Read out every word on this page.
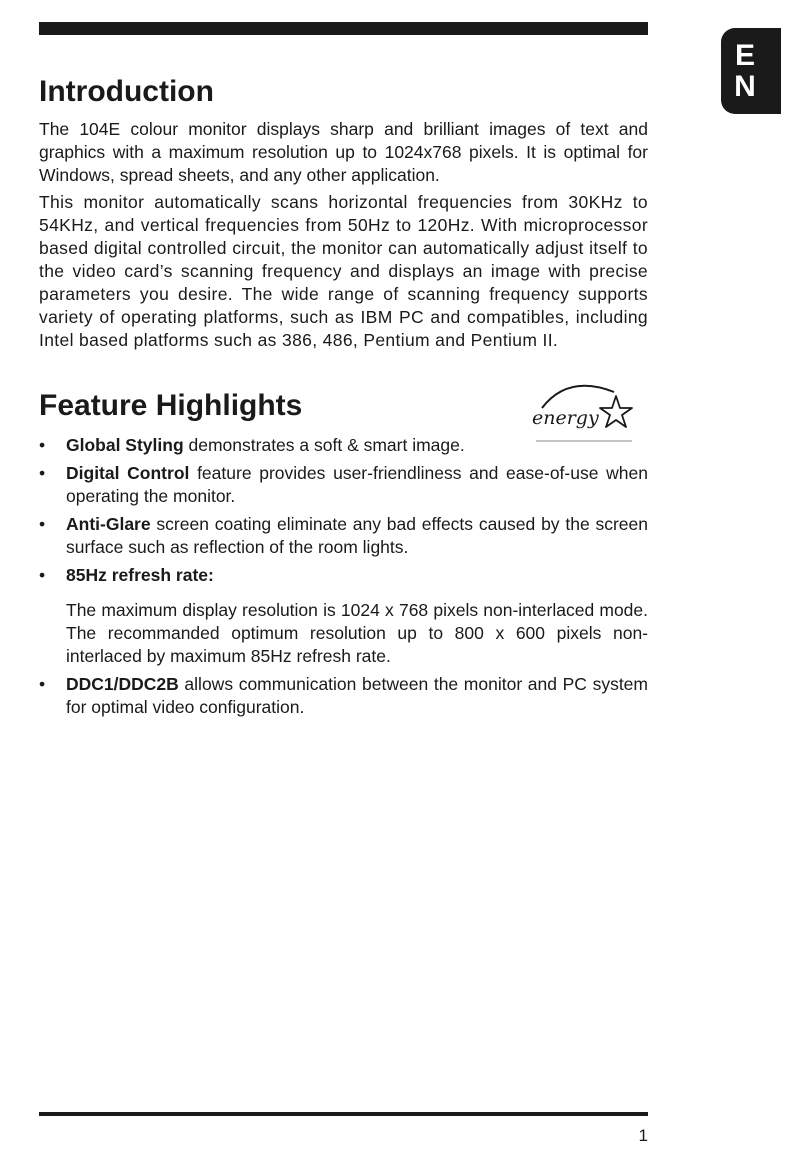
E
N
Introduction

The 104E colour monitor displays sharp and brilliant images of text and graphics with a maximum resolution up to 1024x768 pixels. It is optimal for Windows, spread sheets, and any other application.

This monitor automatically scans horizontal frequencies from 30KHz to 54KHz, and vertical frequencies from 50Hz to 120Hz. With microprocessor based digital controlled circuit, the monitor can automatically adjust itself to the video card’s scanning frequency and displays an image with precise parameters you desire. The wide range of scanning frequency supports variety of operating platforms, such as IBM PC and compatibles, including Intel based platforms such as 386, 486, Pentium and Pentium II.

Feature Highlights
• Global Styling demonstrates a soft & smart image.
• Digital Control feature provides user-friendliness and ease-of-use when operating the monitor.
• Anti-Glare screen coating eliminate any bad effects caused by the screen surface such as reflection of the room lights.
• 85Hz refresh rate:
The maximum display resolution is 1024 x 768 pixels non-interlaced mode. The recommanded optimum resolution up to 800 x 600 pixels non-interlaced by maximum 85Hz refresh rate.
• DDC1/DDC2B allows communication between the monitor and PC system for optimal video configuration.
energy
1
